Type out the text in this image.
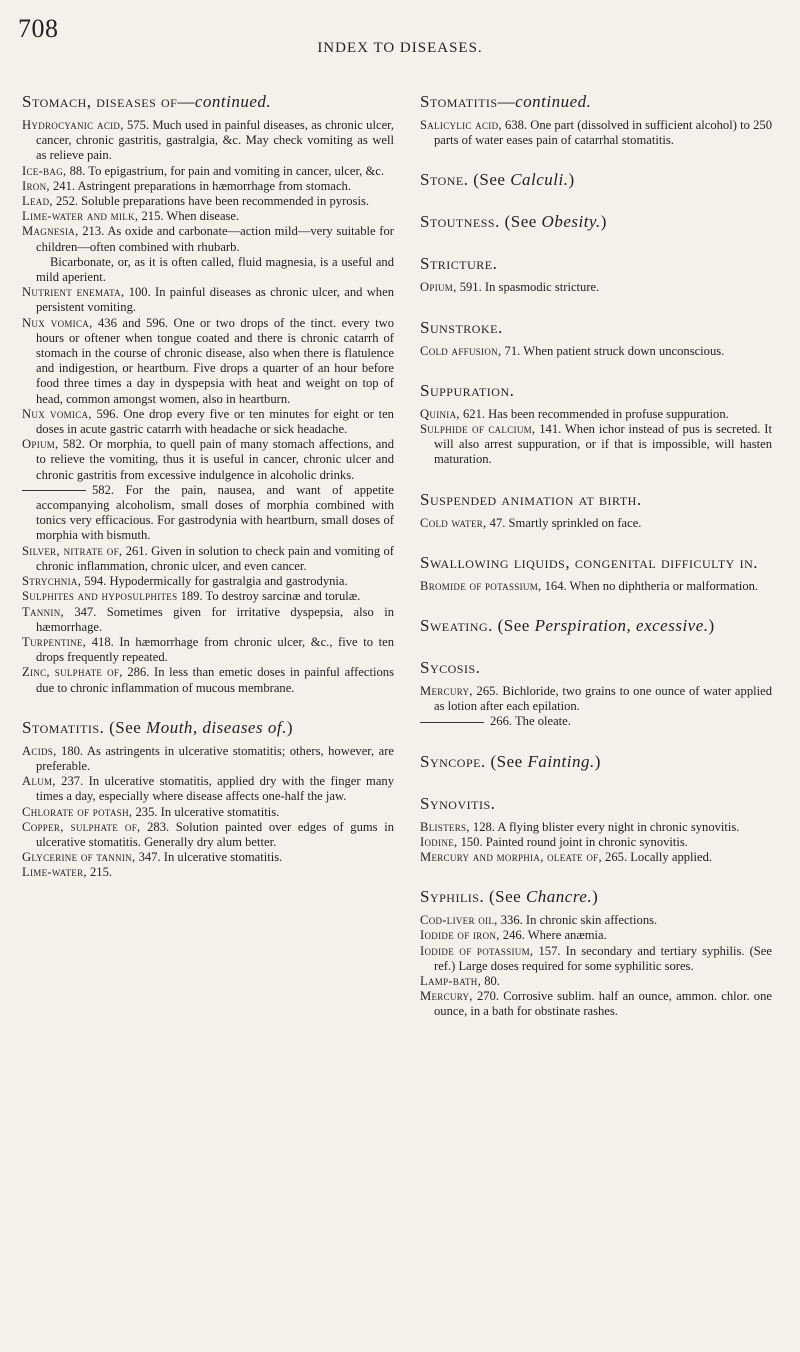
708
INDEX TO DISEASES.
Stomach, diseases of—continued.

Hydrocyanic acid, 575. Much used in painful diseases, as chronic ulcer, cancer, chronic gastritis, gastralgia, &c. May check vomiting as well as relieve pain.

Ice-bag, 88. To epigastrium, for pain and vomiting in cancer, ulcer, &c.

Iron, 241. Astringent preparations in hæmorrhage from stomach.

Lead, 252. Soluble preparations have been recommended in pyrosis.

Lime-water and milk, 215. When disease.

Magnesia, 213. As oxide and carbonate—action mild—very suitable for children—often combined with rhubarb.

Bicarbonate, or, as it is often called, fluid magnesia, is a useful and mild aperient.

Nutrient enemata, 100. In painful diseases as chronic ulcer, and when persistent vomiting.

Nux vomica, 436 and 596. One or two drops of the tinct. every two hours or oftener when tongue coated and there is chronic catarrh of stomach in the course of chronic disease, also when there is flatulence and indigestion, or heartburn. Five drops a quarter of an hour before food three times a day in dyspepsia with heat and weight on top of head, common amongst women, also in heartburn.

Nux vomica, 596. One drop every five or ten minutes for eight or ten doses in acute gastric catarrh with headache or sick headache.

Opium, 582. Or morphia, to quell pain of many stomach affections, and to relieve the vomiting, thus it is useful in cancer, chronic ulcer and chronic gastritis from excessive indulgence in alcoholic drinks.

582. For the pain, nausea, and want of appetite accompanying alcoholism, small doses of morphia combined with tonics very efficacious. For gastrodynia with heartburn, small doses of morphia with bismuth.

Silver, nitrate of, 261. Given in solution to check pain and vomiting of chronic inflammation, chronic ulcer, and even cancer.

Strychnia, 594. Hypodermically for gastralgia and gastrodynia.

Sulphites and hyposulphites 189. To destroy sarcinæ and torulæ.

Tannin, 347. Sometimes given for irritative dyspepsia, also in hæmorrhage.

Turpentine, 418. In hæmorrhage from chronic ulcer, &c., five to ten drops frequently repeated.

Zinc, sulphate of, 286. In less than emetic doses in painful affections due to chronic inflammation of mucous membrane.

Stomatitis. (See Mouth, diseases of.)

Acids, 180. As astringents in ulcerative stomatitis; others, however, are preferable.

Alum, 237. In ulcerative stomatitis, applied dry with the finger many times a day, especially where disease affects one-half the jaw.

Chlorate of potash, 235. In ulcerative stomatitis.

Copper, sulphate of, 283. Solution painted over edges of gums in ulcerative stomatitis. Generally dry alum better.

Glycerine of tannin, 347. In ulcerative stomatitis.

Lime-water, 215.

Stomatitis—continued.

Salicylic acid, 638. One part (dissolved in sufficient alcohol) to 250 parts of water eases pain of catarrhal stomatitis.

Stone. (See Calculi.)
Stoutness. (See Obesity.)
Stricture.

Opium, 591. In spasmodic stricture.

Sunstroke.

Cold affusion, 71. When patient struck down unconscious.

Suppuration.

Quinia, 621. Has been recommended in profuse suppuration.

Sulphide of calcium, 141. When ichor instead of pus is secreted. It will also arrest suppuration, or if that is impossible, will hasten maturation.

Suspended animation at birth.

Cold water, 47. Smartly sprinkled on face.

Swallowing liquids, congenital difficulty in.

Bromide of potassium, 164. When no diphtheria or malformation.

Sweating. (See Perspiration, excessive.)
Sycosis.

Mercury, 265. Bichloride, two grains to one ounce of water applied as lotion after each epilation.

266. The oleate.

Syncope. (See Fainting.)
Synovitis.

Blisters, 128. A flying blister every night in chronic synovitis.

Iodine, 150. Painted round joint in chronic synovitis.

Mercury and morphia, oleate of, 265. Locally applied.

Syphilis. (See Chancre.)

Cod-liver oil, 336. In chronic skin affections.

Iodide of iron, 246. Where anæmia.

Iodide of potassium, 157. In secondary and tertiary syphilis. (See ref.) Large doses required for some syphilitic sores.

Lamp-bath, 80.

Mercury, 270. Corrosive sublim. half an ounce, ammon. chlor. one ounce, in a bath for obstinate rashes.
